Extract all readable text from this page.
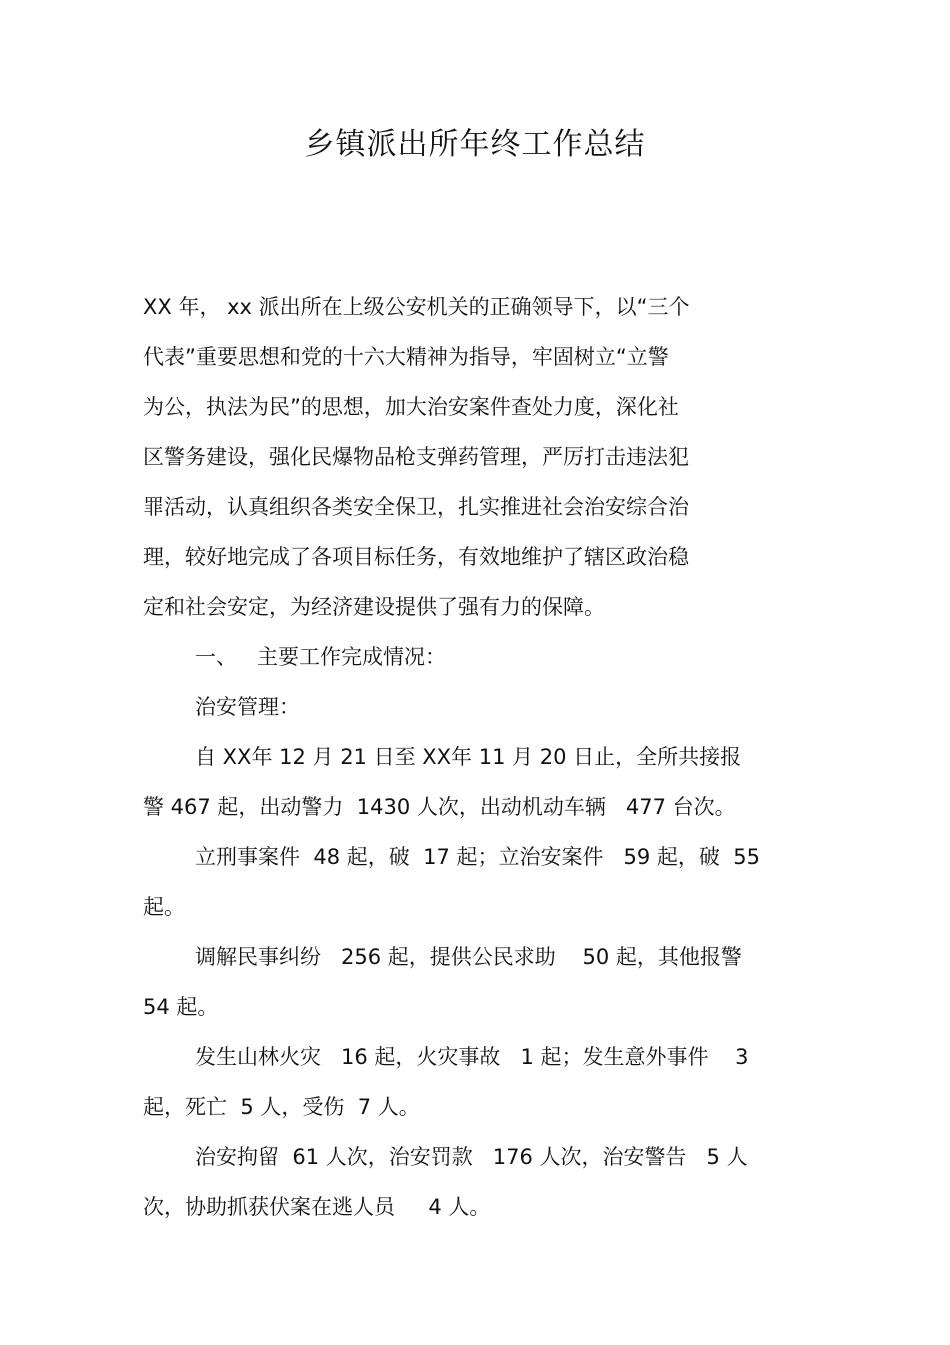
乡镇派出所年终工作总结
XX 年， xx 派出所在上级公安机关的正确领导下，以“三个
代表”重要思想和党的十六大精神为指导，牢固树立“立警
为公，执法为民”的思想，加大治安案件查处力度，深化社
区警务建设，强化民爆物品枪支弹药管理，严厉打击违法犯
罪活动，认真组织各类安全保卫，扎实推进社会治安综合治
理，较好地完成了各项目标任务，有效地维护了辖区政治稳
定和社会安定，为经济建设提供了强有力的保障。
一、   主要工作完成情况：
治安管理：
自 XX年 12 月 21 日至 XX年 11 月 20 日止，全所共接报
警 467 起，出动警力  1430 人次，出动机动车辆   477 台次。
立刑事案件  48 起，破  17 起；立治安案件   59 起，破  55
起。
调解民事纠纷   256 起，提供公民求助    50 起，其他报警
54 起。
发生山林火灾   16 起，火灾事故   1 起；发生意外事件    3
起，死亡  5 人，受伤  7 人。
治安拘留  61 人次，治安罚款   176 人次，治安警告   5 人
次，协助抓获伏案在逃人员     4 人。
